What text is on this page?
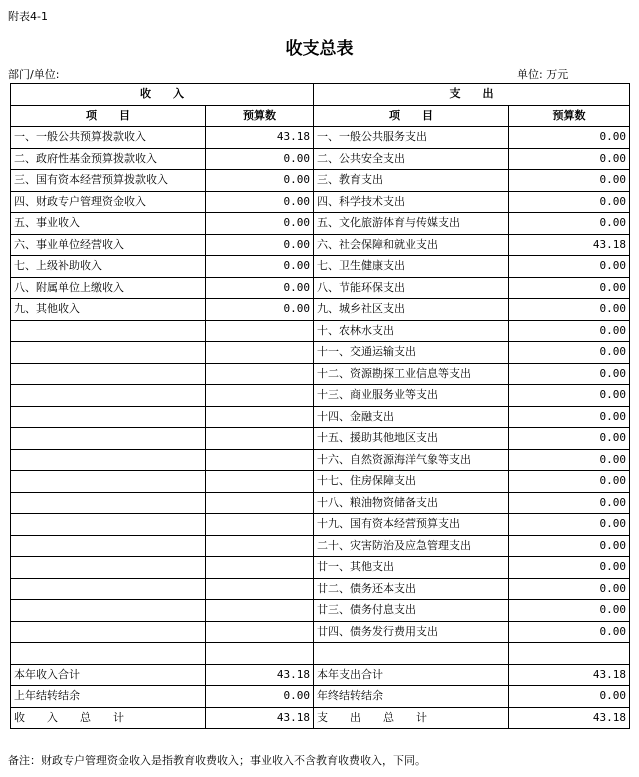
附表4-1
收支总表
部门/单位:	单位: 万元
收　　入		支　　出	
项　　目	预算数	项　　目	预算数
一、一般公共预算拨款收入	43.18	一、一般公共服务支出	0.00
二、政府性基金预算拨款收入	0.00	二、公共安全支出	0.00
三、国有资本经营预算拨款收入	0.00	三、教育支出	0.00
四、财政专户管理资金收入	0.00	四、科学技术支出	0.00
五、事业收入	0.00	五、文化旅游体育与传媒支出	0.00
六、事业单位经营收入	0.00	六、社会保障和就业支出	43.18
七、上级补助收入	0.00	七、卫生健康支出	0.00
八、附属单位上缴收入	0.00	八、节能环保支出	0.00
九、其他收入	0.00	九、城乡社区支出	0.00
		十、农林水支出	0.00
		十一、交通运输支出	0.00
		十二、资源勘探工业信息等支出	0.00
		十三、商业服务业等支出	0.00
		十四、金融支出	0.00
		十五、援助其他地区支出	0.00
		十六、自然资源海洋气象等支出	0.00
		十七、住房保障支出	0.00
		十八、粮油物资储备支出	0.00
		十九、国有资本经营预算支出	0.00
		二十、灾害防治及应急管理支出	0.00
		廿一、其他支出	0.00
		廿二、债务还本支出	0.00
		廿三、债务付息支出	0.00
		廿四、债务发行费用支出	0.00

本年收入合计	43.18	本年支出合计	43.18
上年结转结余	0.00	年终结转结余	0.00
收　　入　　总　　计	43.18	支　　出　　总　　计	43.18
备注：财政专户管理资金收入是指教育收费收入；事业收入不含教育收费收入，下同。
